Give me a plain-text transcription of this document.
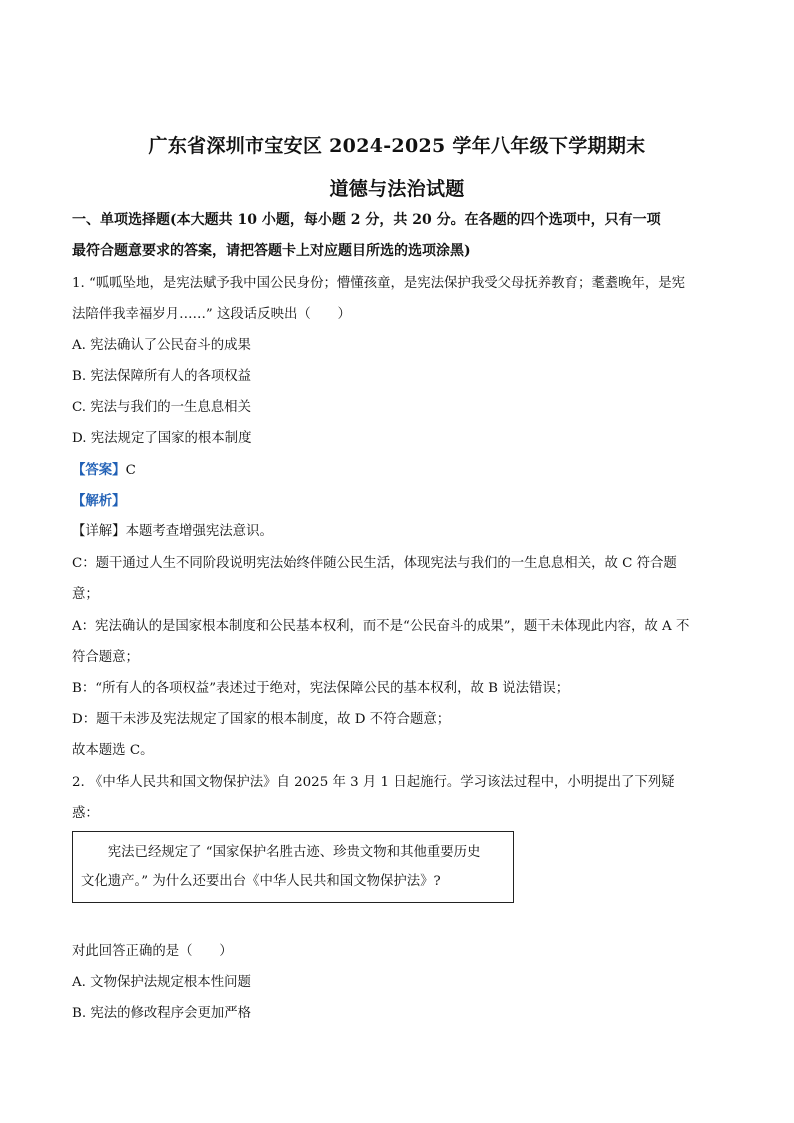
广东省深圳市宝安区 2024-2025 学年八年级下学期期末
道德与法治试题
一、单项选择题(本大题共 10 小题，每小题 2 分，共 20 分。在各题的四个选项中，只有一项
最符合题意要求的答案，请把答题卡上对应题目所选的选项涂黑)
1. “呱呱坠地，是宪法赋予我中国公民身份；懵懂孩童，是宪法保护我受父母抚养教育；耄耋晚年，是宪
法陪伴我幸福岁月……” 这段话反映出（　　）
A. 宪法确认了公民奋斗的成果
B. 宪法保障所有人的各项权益
C. 宪法与我们的一生息息相关
D. 宪法规定了国家的根本制度
【答案】C
【解析】
【详解】本题考查增强宪法意识。
C：题干通过人生不同阶段说明宪法始终伴随公民生活，体现宪法与我们的一生息息相关，故 C 符合题
意；
A：宪法确认的是国家根本制度和公民基本权利，而不是“公民奋斗的成果”，题干未体现此内容，故 A 不
符合题意；
B：“所有人的各项权益”表述过于绝对，宪法保障公民的基本权利，故 B 说法错误；
D：题干未涉及宪法规定了国家的根本制度，故 D 不符合题意；
故本题选 C。
2. 《中华人民共和国文物保护法》自 2025 年 3 月 1 日起施行。学习该法过程中，小明提出了下列疑
惑：
　　宪法已经规定了 “国家保护名胜古迹、珍贵文物和其他重要历史
文化遗产。” 为什么还要出台《中华人民共和国文物保护法》?
对此回答正确的是（　　）
A. 文物保护法规定根本性问题
B. 宪法的修改程序会更加严格
